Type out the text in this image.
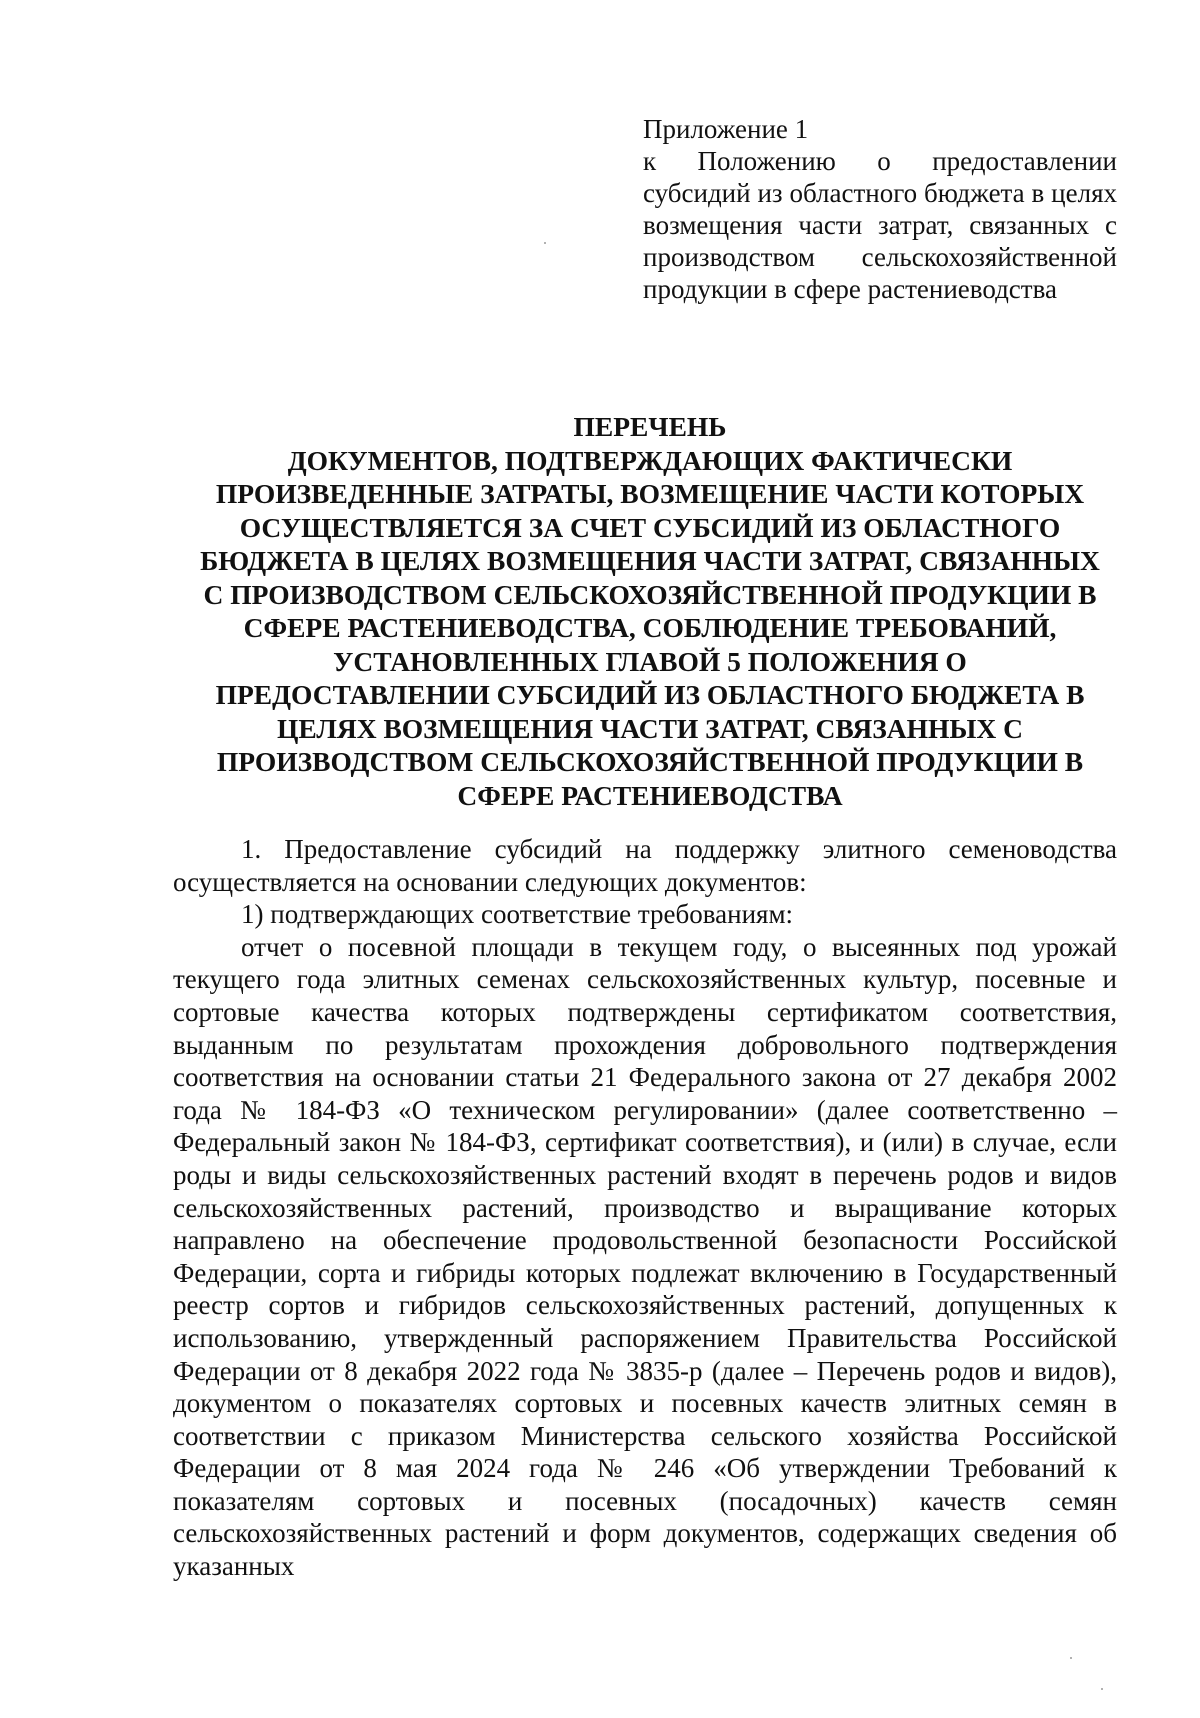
Приложение 1
к Положению о предоставлении субсидий из областного бюджета в целях возмещения части затрат, связанных с производством сельскохозяйственной продукции в сфере растениеводства
ПЕРЕЧЕНЬ
ДОКУМЕНТОВ, ПОДТВЕРЖДАЮЩИХ ФАКТИЧЕСКИ
ПРОИЗВЕДЕННЫЕ ЗАТРАТЫ, ВОЗМЕЩЕНИЕ ЧАСТИ КОТОРЫХ
ОСУЩЕСТВЛЯЕТСЯ ЗА СЧЕТ СУБСИДИЙ ИЗ ОБЛАСТНОГО
БЮДЖЕТА В ЦЕЛЯХ ВОЗМЕЩЕНИЯ ЧАСТИ ЗАТРАТ, СВЯЗАННЫХ
С ПРОИЗВОДСТВОМ СЕЛЬСКОХОЗЯЙСТВЕННОЙ ПРОДУКЦИИ В
СФЕРЕ РАСТЕНИЕВОДСТВА, СОБЛЮДЕНИЕ ТРЕБОВАНИЙ,
УСТАНОВЛЕННЫХ ГЛАВОЙ 5 ПОЛОЖЕНИЯ О
ПРЕДОСТАВЛЕНИИ СУБСИДИЙ ИЗ ОБЛАСТНОГО БЮДЖЕТА В
ЦЕЛЯХ ВОЗМЕЩЕНИЯ ЧАСТИ ЗАТРАТ, СВЯЗАННЫХ С
ПРОИЗВОДСТВОМ СЕЛЬСКОХОЗЯЙСТВЕННОЙ ПРОДУКЦИИ В
СФЕРЕ РАСТЕНИЕВОДСТВА

1. Предоставление субсидий на поддержку элитного семеноводства осуществляется на основании следующих документов:

1) подтверждающих соответствие требованиям:

отчет о посевной площади в текущем году, о высеянных под урожай текущего года элитных семенах сельскохозяйственных культур, посевные и сортовые качества которых подтверждены сертификатом соответствия, выданным по результатам прохождения добровольного подтверждения соответствия на основании статьи 21 Федерального закона от 27 декабря 2002 года № 184-ФЗ «О техническом регулировании» (далее соответственно – Федеральный закон № 184-ФЗ, сертификат соответствия), и (или) в случае, если роды и виды сельскохозяйственных растений входят в перечень родов и видов сельскохозяйственных растений, производство и выращивание которых направлено на обеспечение продовольственной безопасности Российской Федерации, сорта и гибриды которых подлежат включению в Государственный реестр сортов и гибридов сельскохозяйственных растений, допущенных к использованию, утвержденный распоряжением Правительства Российской Федерации от 8 декабря 2022 года № 3835-р (далее – Перечень родов и видов), документом о показателях сортовых и посевных качеств элитных семян в соответствии с приказом Министерства сельского хозяйства Российской Федерации от 8 мая 2024 года № 246 «Об утверждении Требований к показателям сортовых и посевных (посадочных) качеств семян сельскохозяйственных растений и форм документов, содержащих сведения об указанных
